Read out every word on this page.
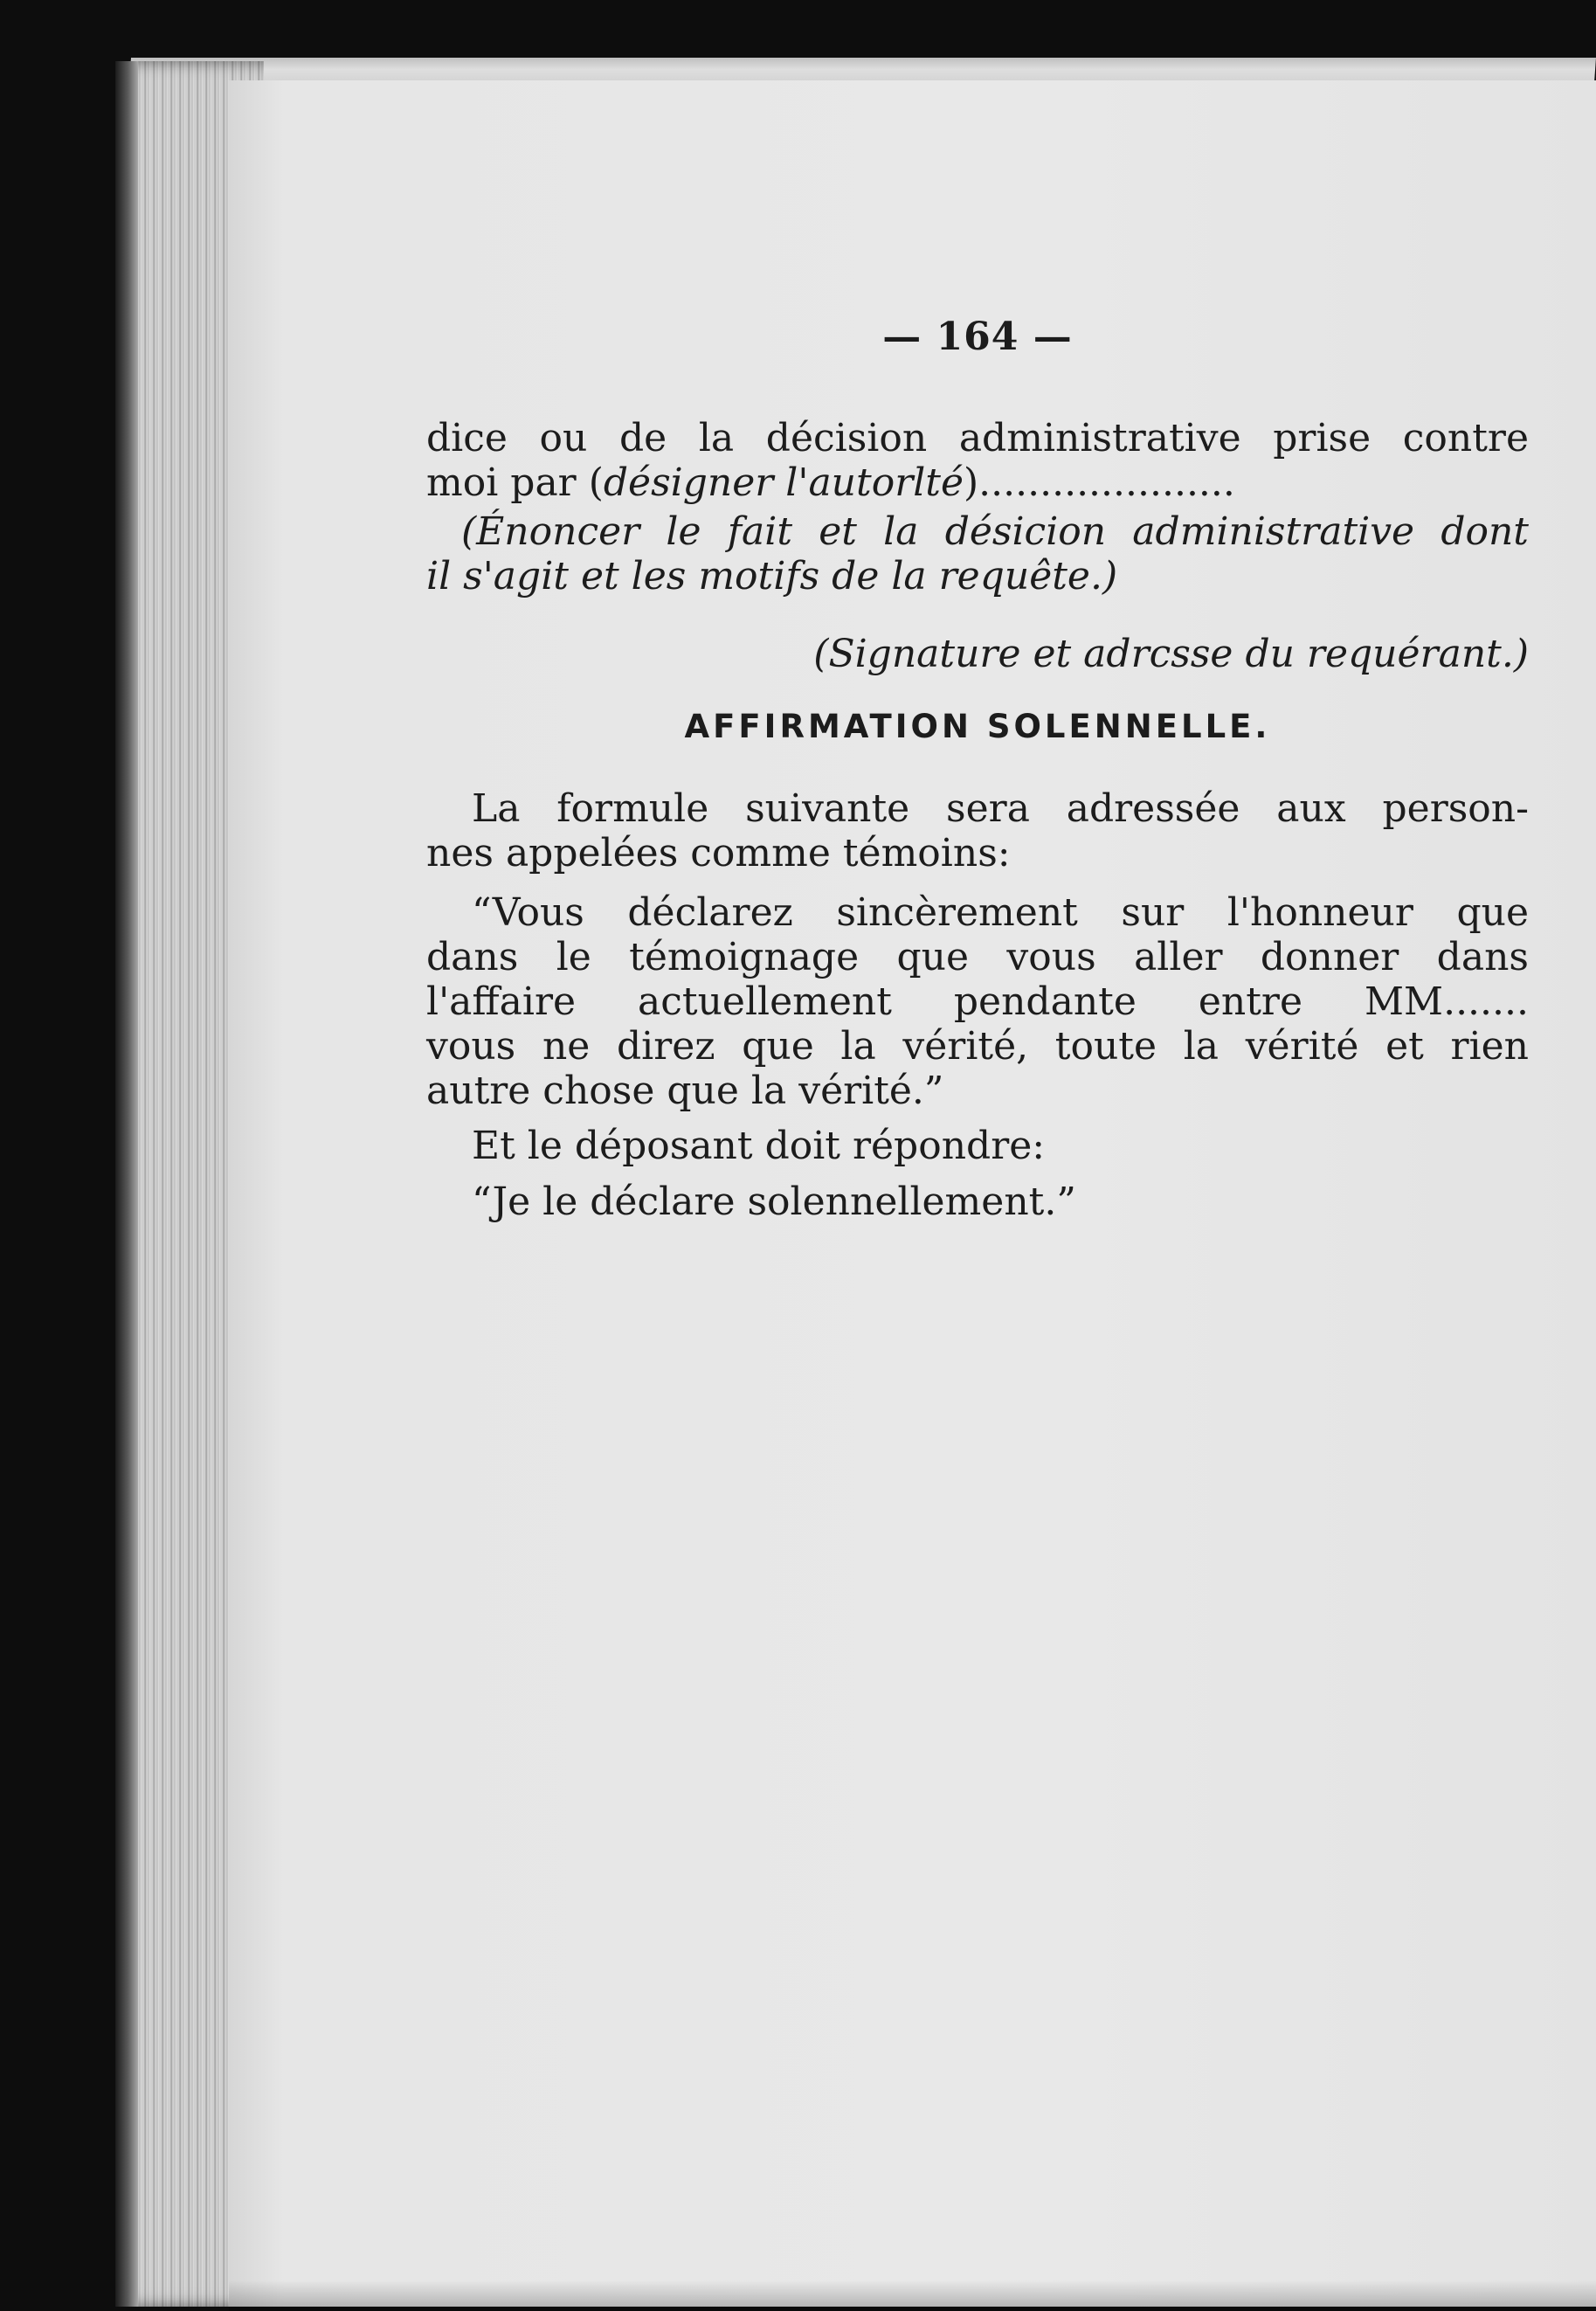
— 164 —
dice ou de la décision administrative prise contre
moi par (désigner l'autorlté).....................
(Énoncer le fait et la désicion administrative dont
il s'agit et les motifs de la requête.)
(Signature et adrcsse du requérant.)
AFFIRMATION SOLENNELLE.
La formule suivante sera adressée aux person-
nes appelées comme témoins:
“Vous déclarez sincèrement sur l'honneur que
dans le témoignage que vous aller donner dans
l'affaire actuellement pendante entre MM.......
vous ne direz que la vérité, toute la vérité et rien
autre chose que la vérité.”
Et le déposant doit répondre:
“Je le déclare solennellement.”
